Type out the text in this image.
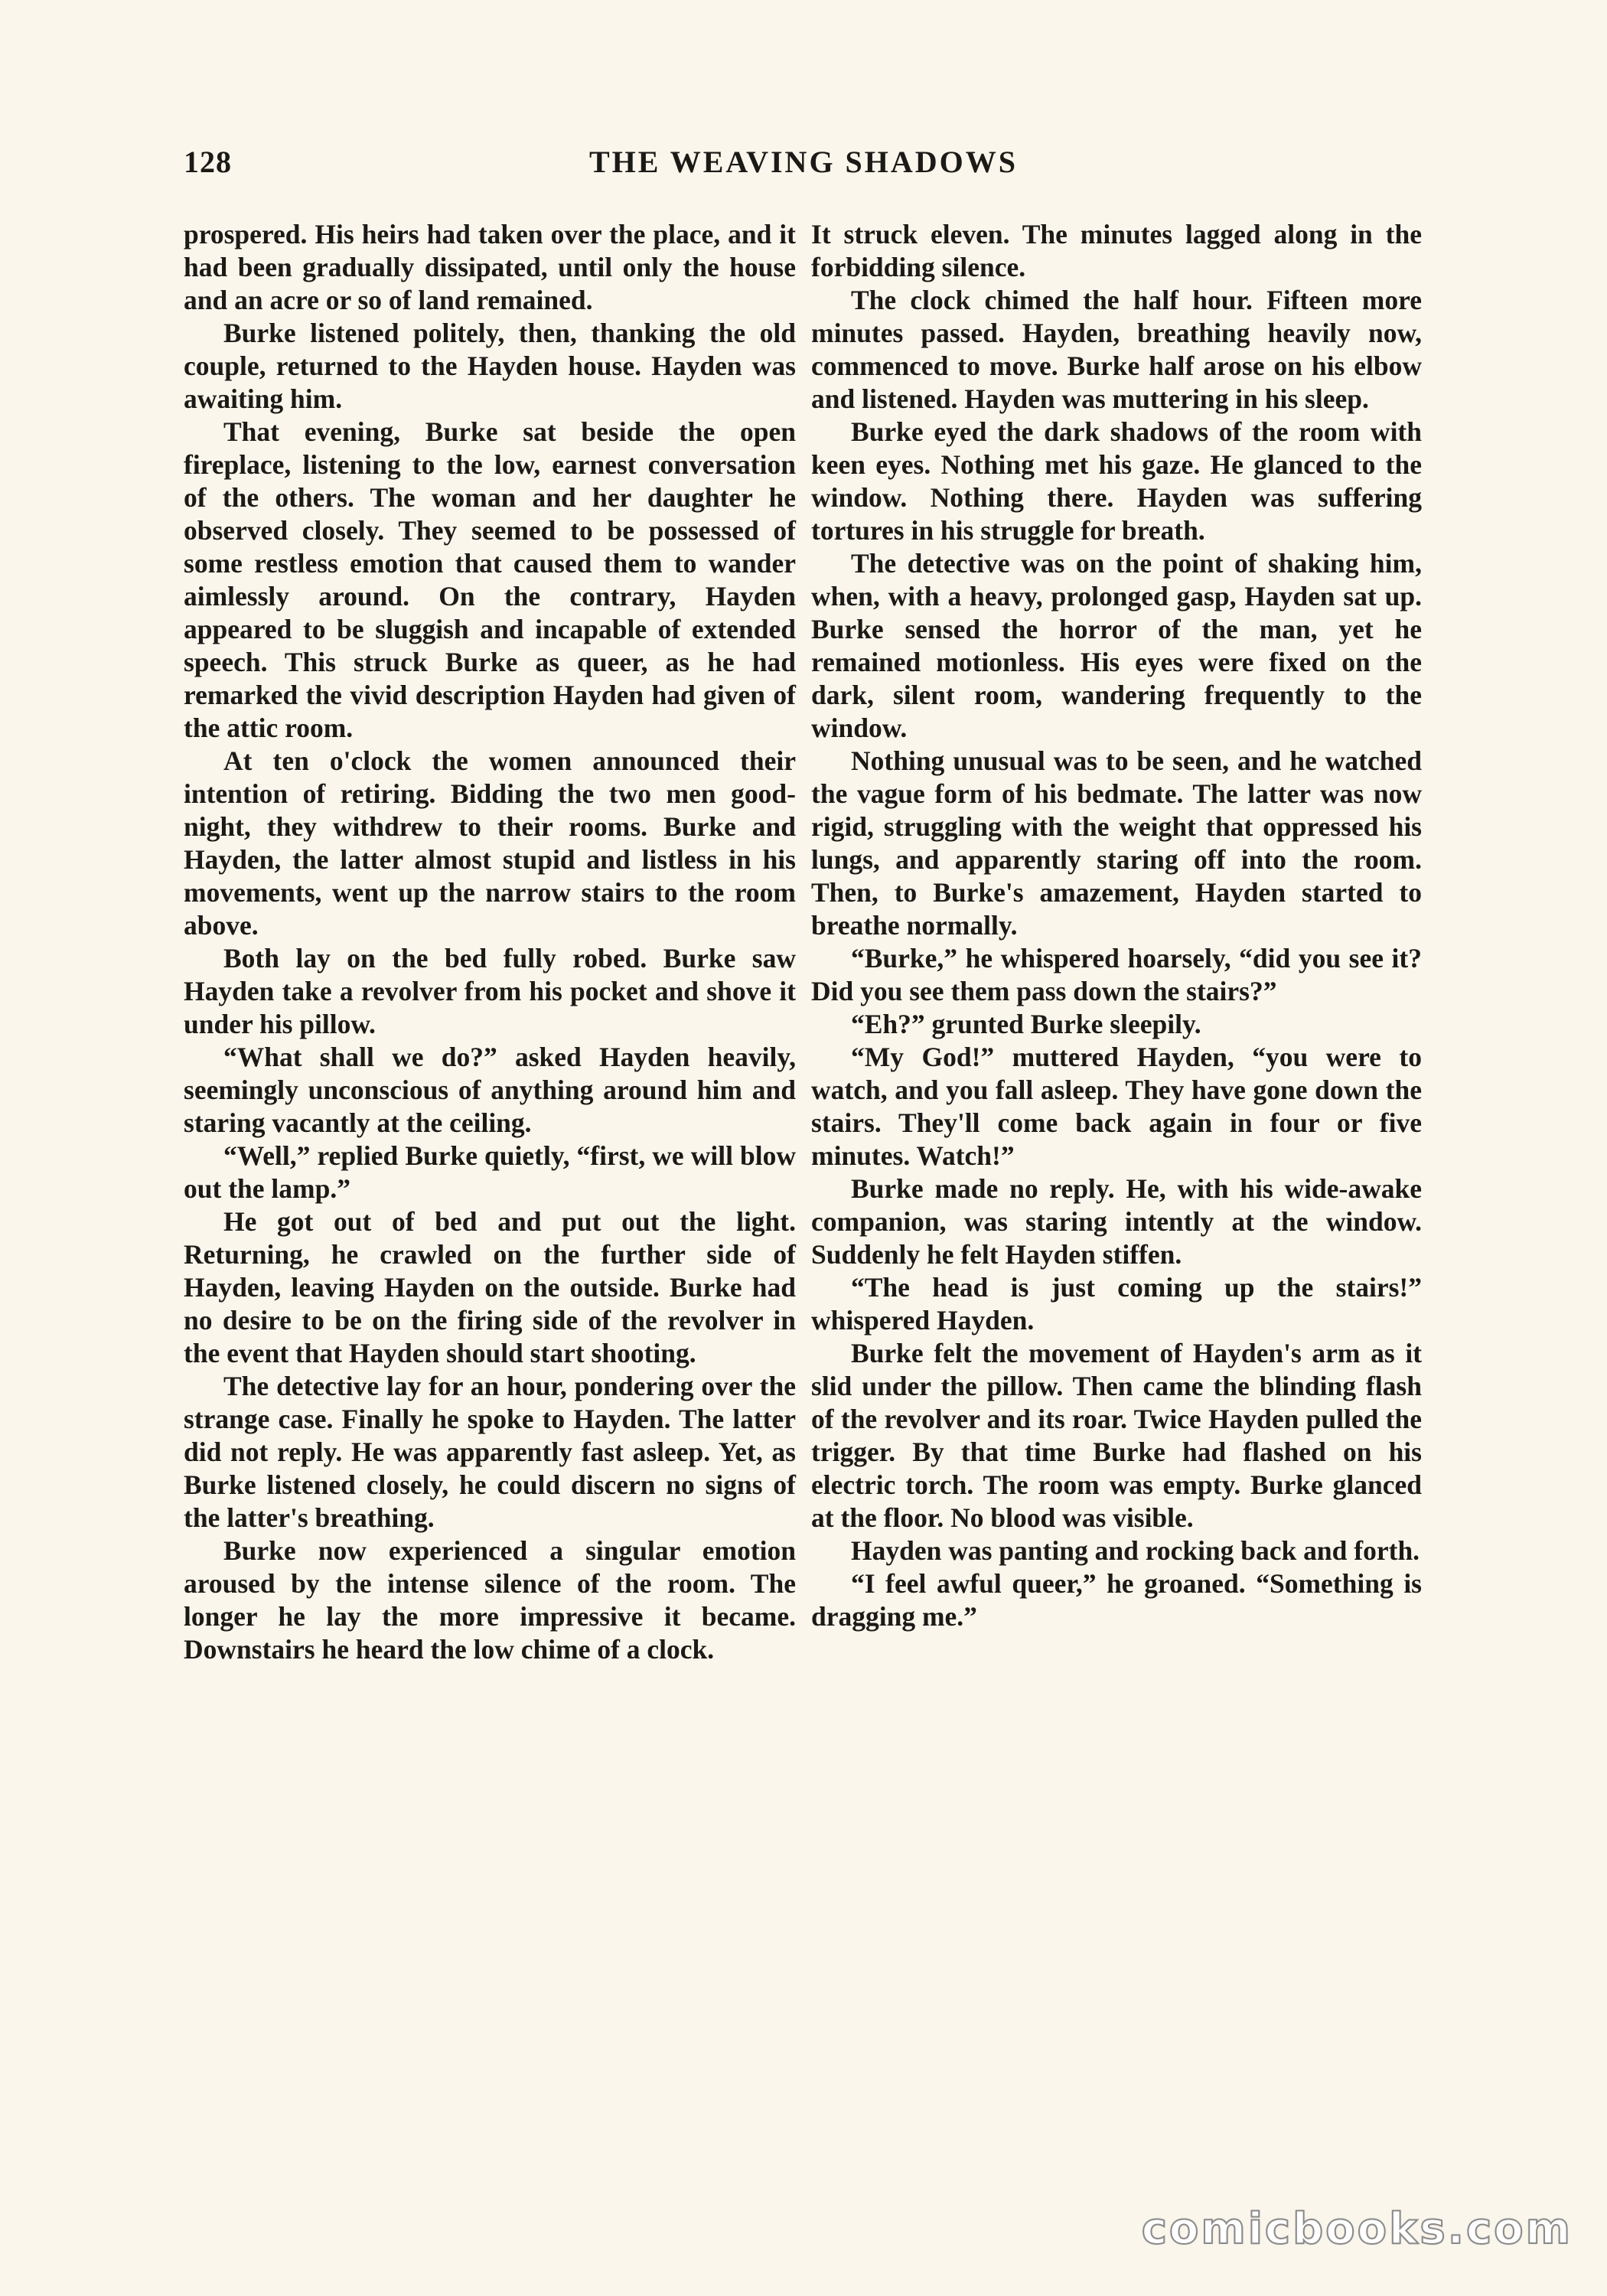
128	THE WEAVING SHADOWS

prospered. His heirs had taken over the place, and it had been gradually dissipated, until only the house and an acre or so of land remained.

Burke listened politely, then, thanking the old couple, returned to the Hayden house. Hayden was awaiting him.

That evening, Burke sat beside the open fireplace, listening to the low, earnest conversation of the others. The woman and her daughter he observed closely. They seemed to be possessed of some restless emotion that caused them to wander aimlessly around. On the contrary, Hayden appeared to be sluggish and incapable of extended speech. This struck Burke as queer, as he had remarked the vivid description Hayden had given of the attic room.

At ten o'clock the women announced their intention of retiring. Bidding the two men good-night, they withdrew to their rooms. Burke and Hayden, the latter almost stupid and listless in his movements, went up the narrow stairs to the room above.

Both lay on the bed fully robed. Burke saw Hayden take a revolver from his pocket and shove it under his pillow.

“What shall we do?” asked Hayden heavily, seemingly unconscious of anything around him and staring vacantly at the ceiling.

“Well,” replied Burke quietly, “first, we will blow out the lamp.”

He got out of bed and put out the light. Returning, he crawled on the further side of Hayden, leaving Hayden on the outside. Burke had no desire to be on the firing side of the revolver in the event that Hayden should start shooting.

The detective lay for an hour, pondering over the strange case. Finally he spoke to Hayden. The latter did not reply. He was apparently fast asleep. Yet, as Burke listened closely, he could discern no signs of the latter's breathing.

Burke now experienced a singular emotion aroused by the intense silence of the room. The longer he lay the more impressive it became. Downstairs he heard the low chime of a clock.

It struck eleven. The minutes lagged along in the forbidding silence.

The clock chimed the half hour. Fifteen more minutes passed. Hayden, breathing heavily now, commenced to move. Burke half arose on his elbow and listened. Hayden was muttering in his sleep.

Burke eyed the dark shadows of the room with keen eyes. Nothing met his gaze. He glanced to the window. Nothing there. Hayden was suffering tortures in his struggle for breath.

The detective was on the point of shaking him, when, with a heavy, prolonged gasp, Hayden sat up. Burke sensed the horror of the man, yet he remained motionless. His eyes were fixed on the dark, silent room, wandering frequently to the window.

Nothing unusual was to be seen, and he watched the vague form of his bedmate. The latter was now rigid, struggling with the weight that oppressed his lungs, and apparently staring off into the room. Then, to Burke's amazement, Hayden started to breathe normally.

“Burke,” he whispered hoarsely, “did you see it? Did you see them pass down the stairs?”

“Eh?” grunted Burke sleepily.

“My God!” muttered Hayden, “you were to watch, and you fall asleep. They have gone down the stairs. They'll come back again in four or five minutes. Watch!”

Burke made no reply. He, with his wide-awake companion, was staring intently at the window. Suddenly he felt Hayden stiffen.

“The head is just coming up the stairs!” whispered Hayden.

Burke felt the movement of Hayden's arm as it slid under the pillow. Then came the blinding flash of the revolver and its roar. Twice Hayden pulled the trigger. By that time Burke had flashed on his electric torch. The room was empty. Burke glanced at the floor. No blood was visible.

Hayden was panting and rocking back and forth.

“I feel awful queer,” he groaned. “Something is dragging me.”

comicbooks.com
